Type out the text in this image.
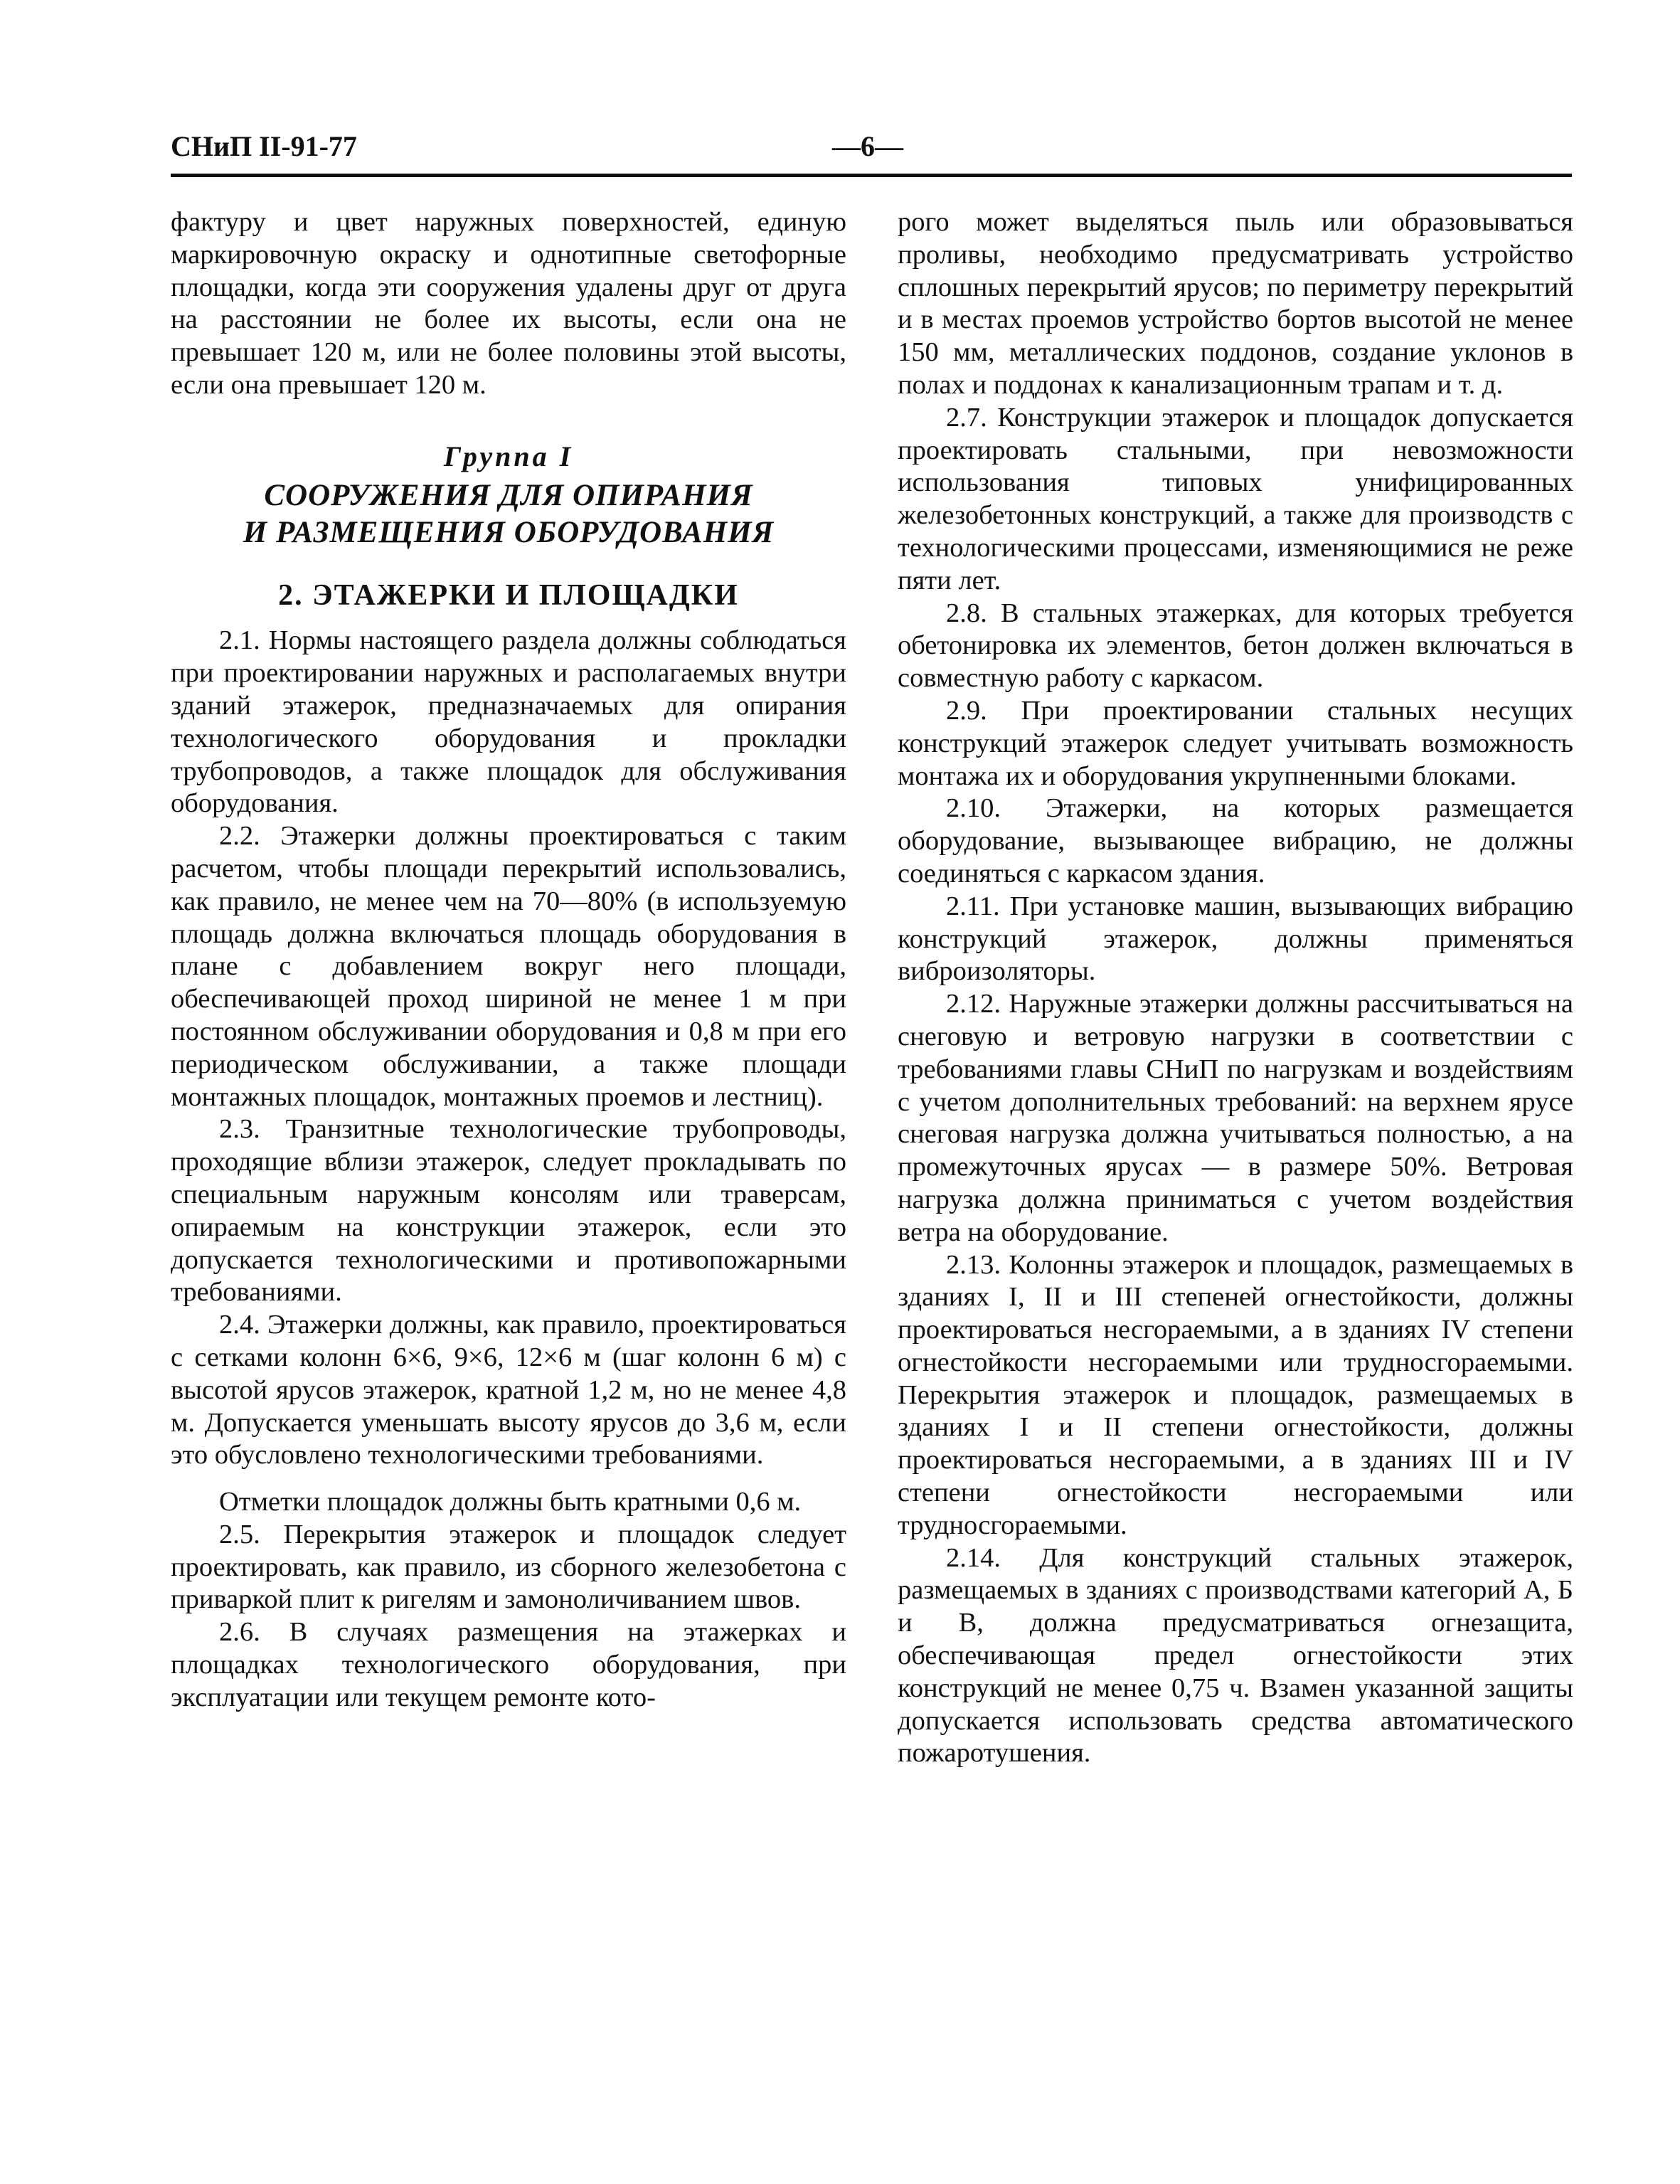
СНиП II-91-77	—6—

фактуру и цвет наружных поверхностей, единую маркировочную окраску и однотипные светофорные площадки, когда эти сооружения удалены друг от друга на расстоянии не более их высоты, если она не превышает 120 м, или не более половины этой высоты, если она превышает 120 м.

Группа I
СООРУЖЕНИЯ ДЛЯ ОПИРАНИЯ
И РАЗМЕЩЕНИЯ ОБОРУДОВАНИЯ
2. ЭТАЖЕРКИ И ПЛОЩАДКИ

2.1. Нормы настоящего раздела должны соблюдаться при проектировании наружных и располагаемых внутри зданий этажерок, предназначаемых для опирания технологического оборудования и прокладки трубопроводов, а также площадок для обслуживания оборудования.

2.2. Этажерки должны проектироваться с таким расчетом, чтобы площади перекрытий использовались, как правило, не менее чем на 70—80% (в используемую площадь должна включаться площадь оборудования в плане с добавлением вокруг него площади, обеспечивающей проход шириной не менее 1 м при постоянном обслуживании оборудования и 0,8 м при его периодическом обслуживании, а также площади монтажных площадок, монтажных проемов и лестниц).

2.3. Транзитные технологические трубопроводы, проходящие вблизи этажерок, следует прокладывать по специальным наружным консолям или траверсам, опираемым на конструкции этажерок, если это допускается технологическими и противопожарными требованиями.

2.4. Этажерки должны, как правило, проектироваться с сетками колонн 6×6, 9×6, 12×6 м (шаг колонн 6 м) с высотой ярусов этажерок, кратной 1,2 м, но не менее 4,8 м. Допускается уменьшать высоту ярусов до 3,6 м, если это обусловлено технологическими требованиями.

Отметки площадок должны быть кратными 0,6 м.

2.5. Перекрытия этажерок и площадок следует проектировать, как правило, из сборного железобетона с приваркой плит к ригелям и замоноличиванием швов.

2.6. В случаях размещения на этажерках и площадках технологического оборудования, при эксплуатации или текущем ремонте кото-

рого может выделяться пыль или образовываться проливы, необходимо предусматривать устройство сплошных перекрытий ярусов; по периметру перекрытий и в местах проемов устройство бортов высотой не менее 150 мм, металлических поддонов, создание уклонов в полах и поддонах к канализационным трапам и т. д.

2.7. Конструкции этажерок и площадок допускается проектировать стальными, при невозможности использования типовых унифицированных железобетонных конструкций, а также для производств с технологическими процессами, изменяющимися не реже пяти лет.

2.8. В стальных этажерках, для которых требуется обетонировка их элементов, бетон должен включаться в совместную работу с каркасом.

2.9. При проектировании стальных несущих конструкций этажерок следует учитывать возможность монтажа их и оборудования укрупненными блоками.

2.10. Этажерки, на которых размещается оборудование, вызывающее вибрацию, не должны соединяться с каркасом здания.

2.11. При установке машин, вызывающих вибрацию конструкций этажерок, должны применяться виброизоляторы.

2.12. Наружные этажерки должны рассчитываться на снеговую и ветровую нагрузки в соответствии с требованиями главы СНиП по нагрузкам и воздействиям с учетом дополнительных требований: на верхнем ярусе снеговая нагрузка должна учитываться полностью, а на промежуточных ярусах — в размере 50%. Ветровая нагрузка должна приниматься с учетом воздействия ветра на оборудование.

2.13. Колонны этажерок и площадок, размещаемых в зданиях I, II и III степеней огнестойкости, должны проектироваться несгораемыми, а в зданиях IV степени огнестойкости несгораемыми или трудносгораемыми. Перекрытия этажерок и площадок, размещаемых в зданиях I и II степени огнестойкости, должны проектироваться несгораемыми, а в зданиях III и IV степени огнестойкости несгораемыми или трудносгораемыми.

2.14. Для конструкций стальных этажерок, размещаемых в зданиях с производствами категорий А, Б и В, должна предусматриваться огнезащита, обеспечивающая предел огнестойкости этих конструкций не менее 0,75 ч. Взамен указанной защиты допускается использовать средства автоматического пожаротушения.
